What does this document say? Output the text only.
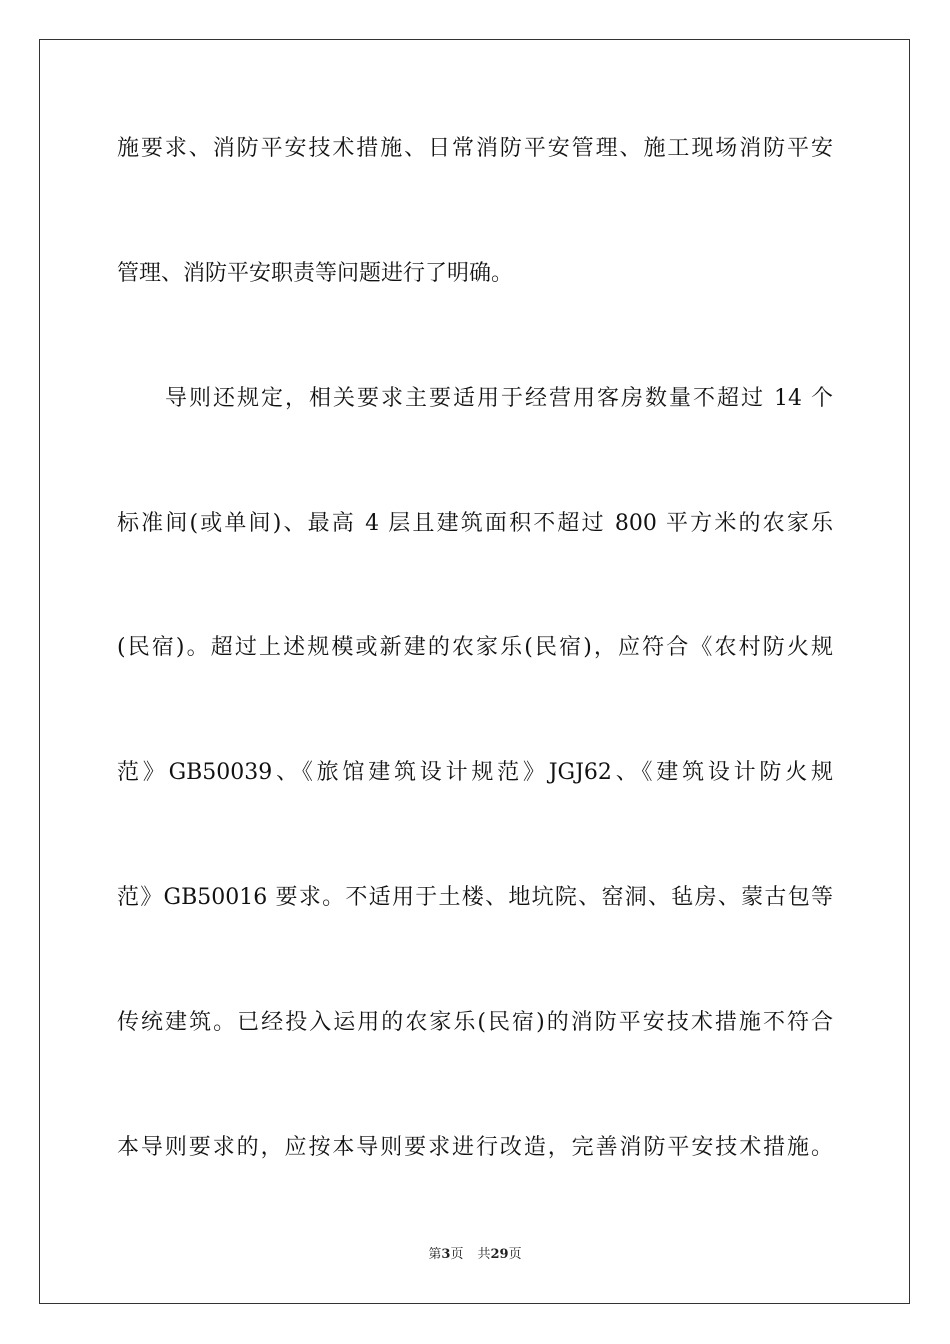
施要求、消防平安技术措施、日常消防平安管理、施工现场消防平安
管理、消防平安职责等问题进行了明确。
导则还规定，相关要求主要适用于经营用客房数量不超过 14 个
标准间(或单间)、最高 4 层且建筑面积不超过 800 平方米的农家乐
(民宿)。超过上述规模或新建的农家乐(民宿)，应符合《农村防火规
范》GB50039、《旅馆建筑设计规范》JGJ62、《建筑设计防火规
范》GB50016 要求。不适用于土楼、地坑院、窑洞、毡房、蒙古包等
传统建筑。已经投入运用的农家乐(民宿)的消防平安技术措施不符合
本导则要求的，应按本导则要求进行改造，完善消防平安技术措施。
第3页 共29页
